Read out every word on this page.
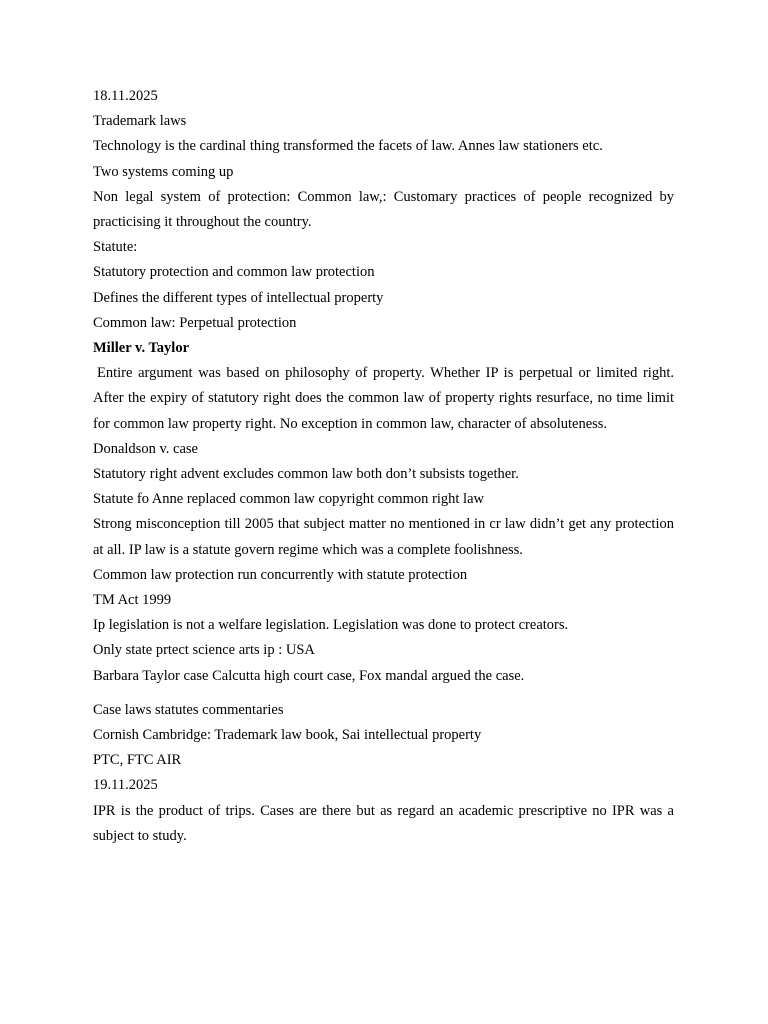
18.11.2025

Trademark laws

Technology is the cardinal thing transformed the facets of law. Annes law stationers etc.

Two systems coming up

Non legal system of protection: Common law,: Customary practices of people recognized by practicising it throughout the country.

Statute:

Statutory protection and common law protection

Defines the different types of intellectual property

Common law: Perpetual protection

Miller v. Taylor

Entire argument was based on philosophy of property. Whether IP is perpetual or limited right. After the expiry of statutory right does the common law of property rights resurface, no time limit for common law property right. No exception in common law, character of absoluteness.

Donaldson v. case

Statutory right advent excludes common law both don’t subsists together.

Statute fo Anne replaced common law copyright common right law

Strong misconception till 2005 that subject matter no mentioned in cr law didn’t get any protection at all. IP law is a statute govern regime which was a complete foolishness.

Common law protection run concurrently with statute protection

TM Act 1999

Ip legislation is not a welfare legislation. Legislation was done to protect creators.

Only state prtect science arts ip : USA

Barbara Taylor case Calcutta high court case, Fox mandal argued the case.

Case laws statutes commentaries

Cornish Cambridge: Trademark law book, Sai intellectual property

PTC, FTC AIR

19.11.2025

IPR is the product of trips. Cases are there but as regard an academic prescriptive no IPR was a subject to study.
